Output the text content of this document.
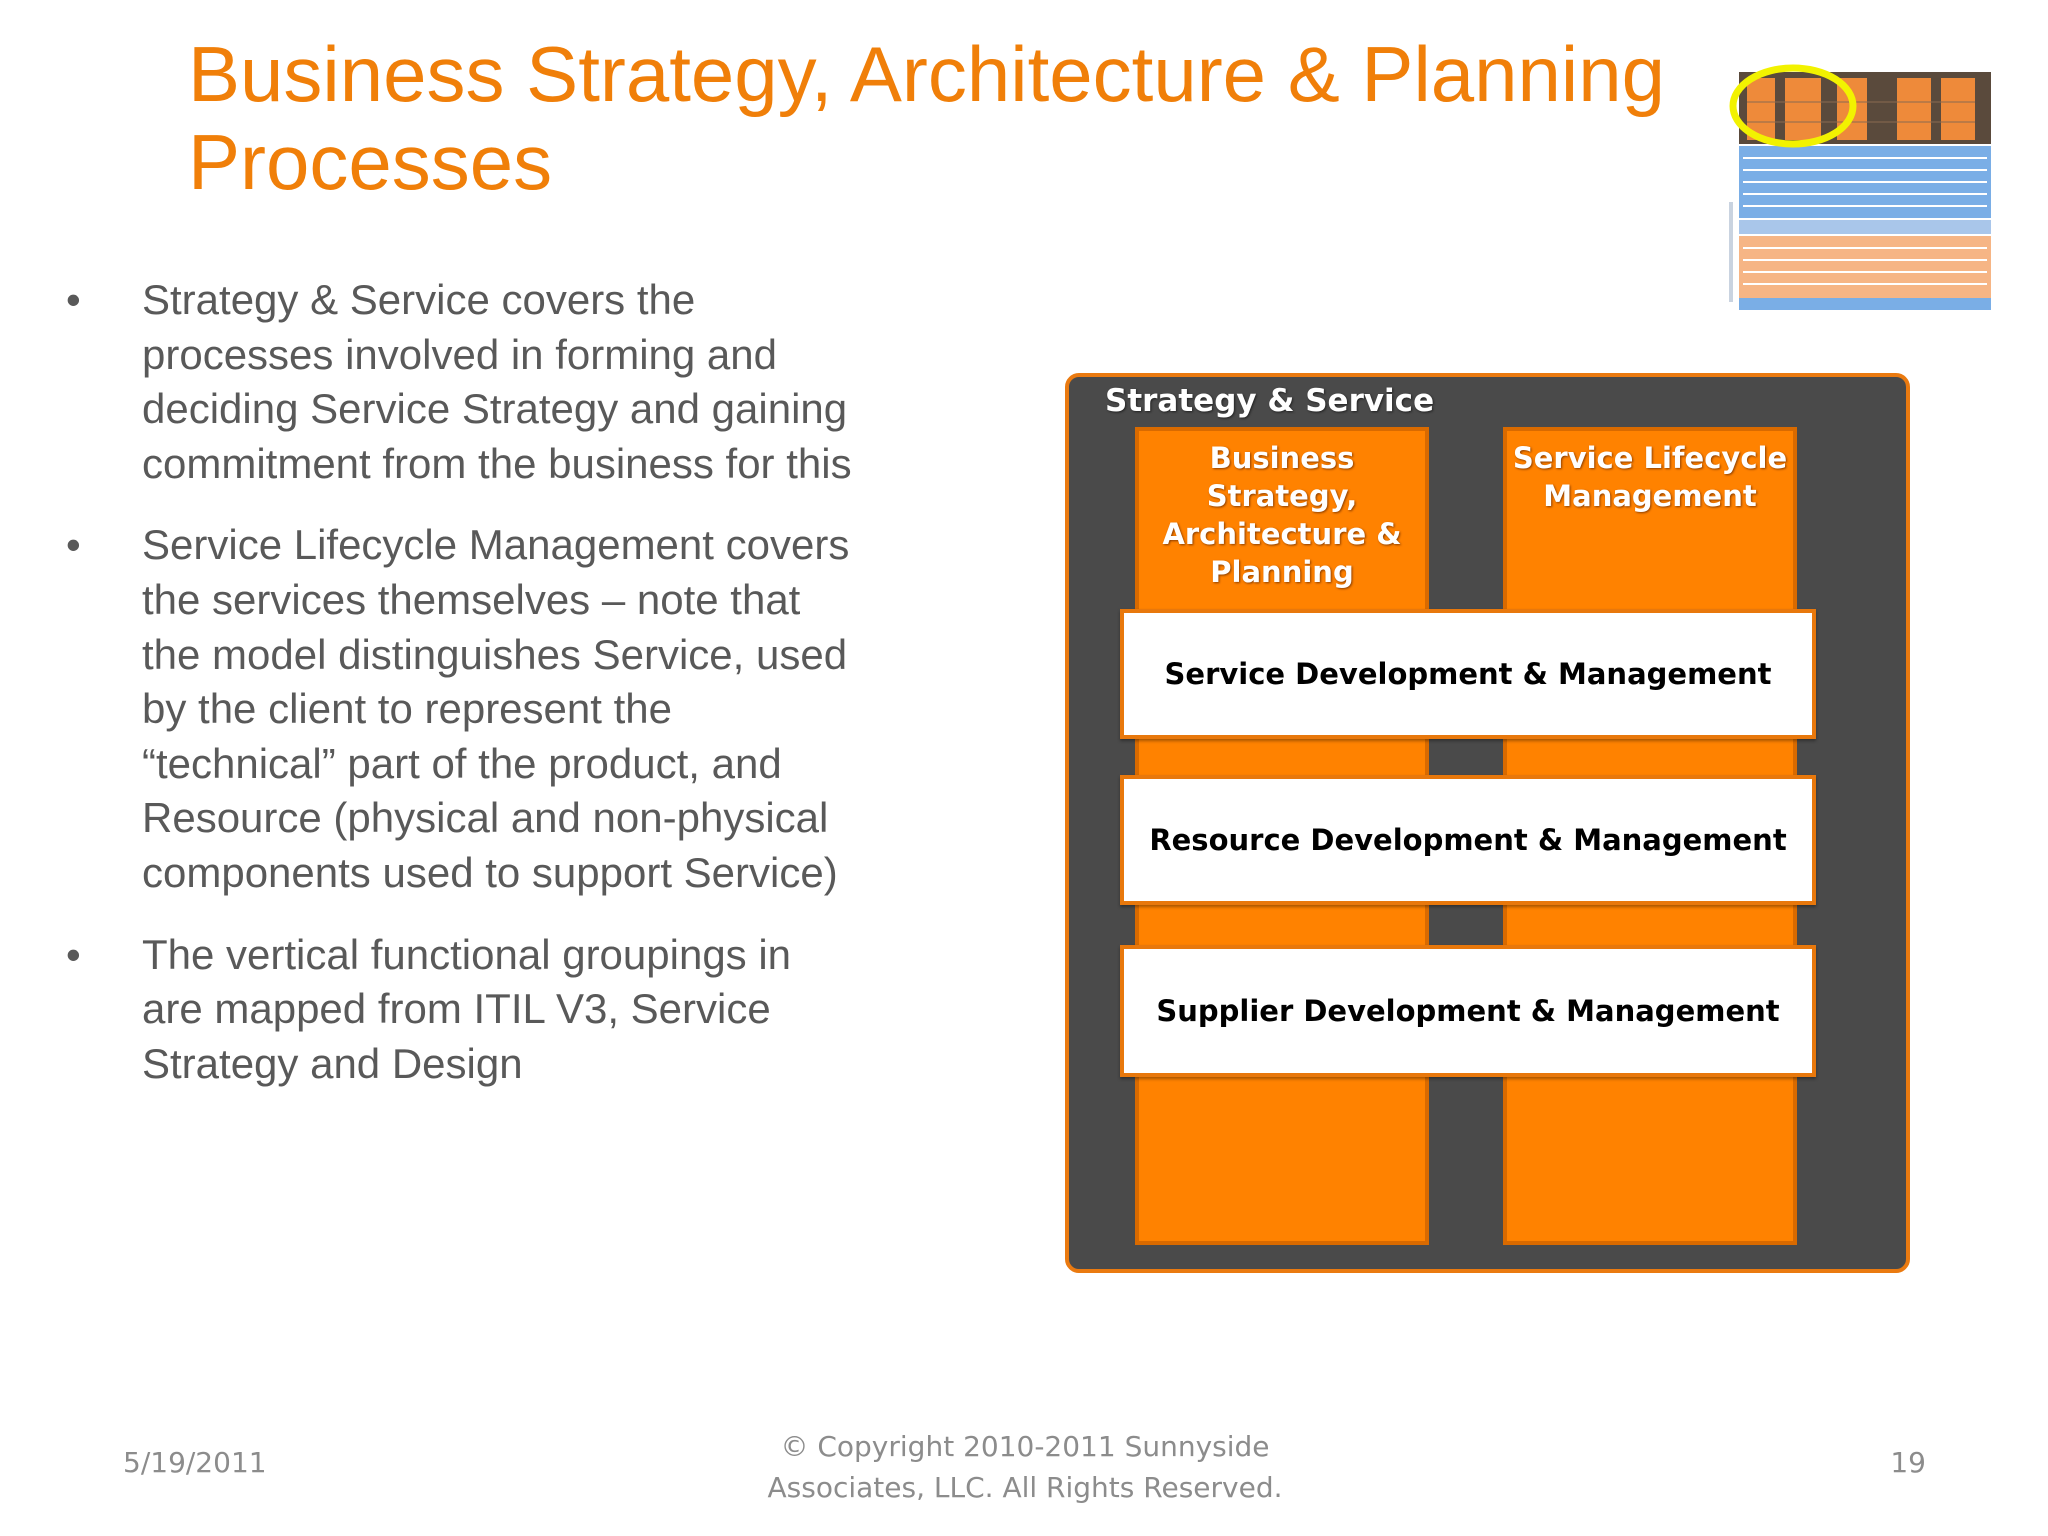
Business Strategy, Architecture & Planning
Processes
• Strategy & Service covers the
processes involved in forming and
deciding Service Strategy and gaining
commitment from the business for this
• Service Lifecycle Management covers
the services themselves – note that
the model distinguishes Service, used
by the client to represent the
“technical” part of the product, and
Resource (physical and non-physical
components used to support Service)
• The vertical functional groupings in
are mapped from ITIL V3, Service
Strategy and Design
Strategy & Service
Business
Strategy,
Architecture &
Planning
Service Lifecycle
Management
Service Development & Management
Resource Development & Management
Supplier Development & Management
5/19/2011	© Copyright 2010-2011 Sunnyside
Associates, LLC. All Rights Reserved.
19
